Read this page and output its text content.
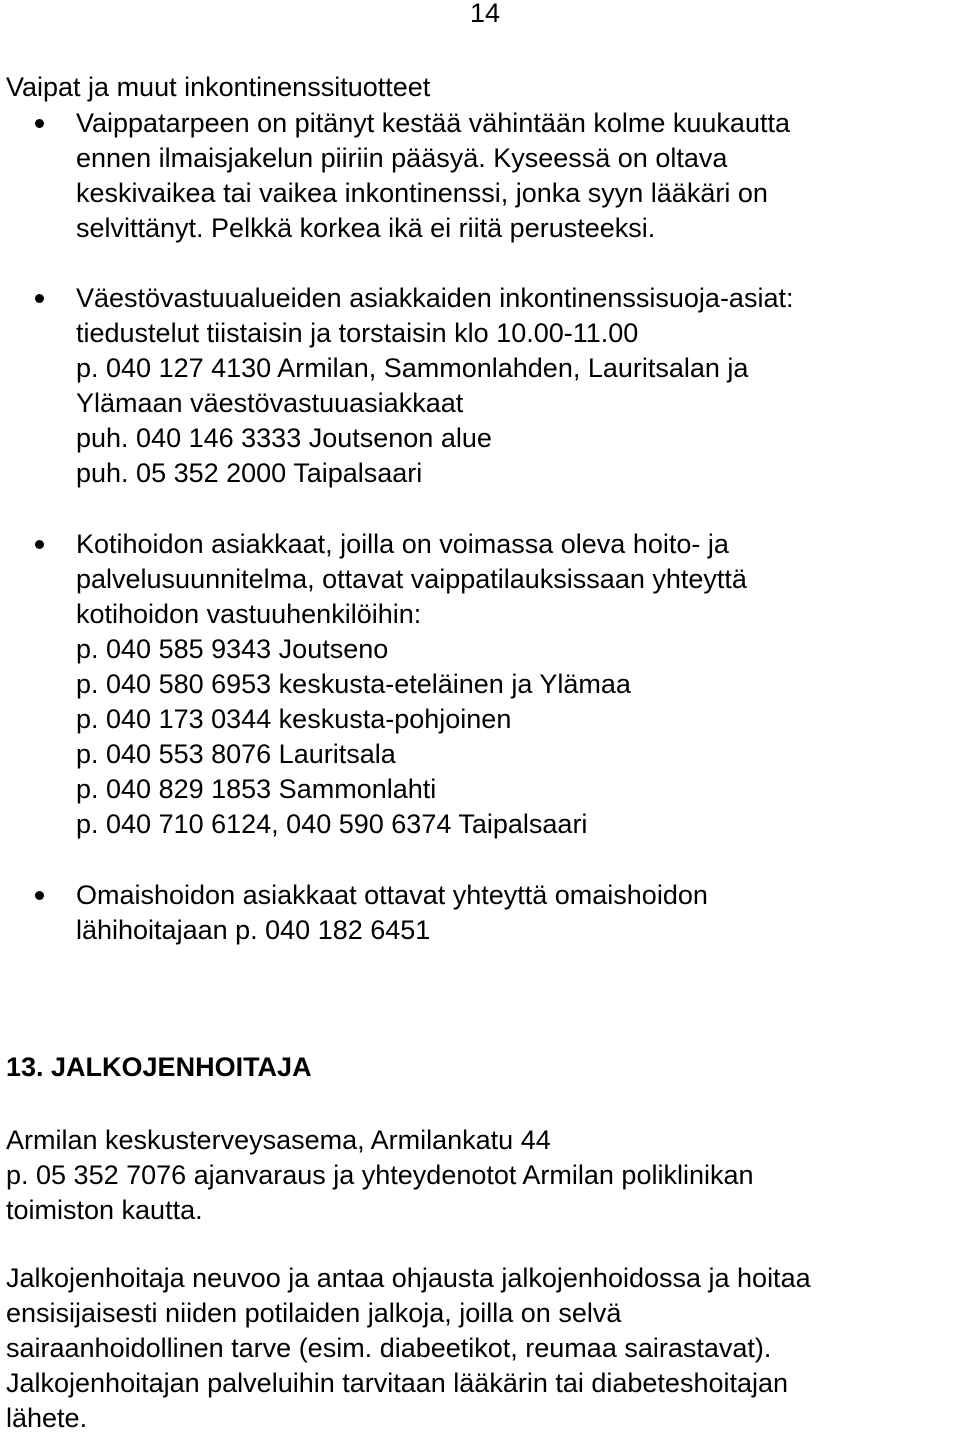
14
Vaipat ja muut inkontinenssituotteet
Vaippatarpeen on pitänyt kestää vähintään kolme kuukautta
ennen ilmaisjakelun piiriin pääsyä. Kyseessä on oltava
keskivaikea tai vaikea inkontinenssi, jonka syyn lääkäri on
selvittänyt. Pelkkä korkea ikä ei riitä perusteeksi.
Väestövastuualueiden asiakkaiden inkontinenssisuoja-asiat:
tiedustelut tiistaisin ja torstaisin klo 10.00-11.00
p. 040 127 4130 Armilan, Sammonlahden, Lauritsalan ja
Ylämaan väestövastuuasiakkaat
puh. 040 146 3333 Joutsenon alue
puh. 05 352 2000 Taipalsaari
Kotihoidon asiakkaat, joilla on voimassa oleva hoito- ja
palvelusuunnitelma, ottavat vaippatilauksissaan yhteyttä
kotihoidon vastuuhenkilöihin:
p. 040 585 9343 Joutseno
p. 040 580 6953 keskusta-eteläinen ja Ylämaa
p. 040 173 0344 keskusta-pohjoinen
p. 040 553 8076 Lauritsala
p. 040 829 1853 Sammonlahti
p. 040 710 6124, 040 590 6374 Taipalsaari
Omaishoidon asiakkaat ottavat yhteyttä omaishoidon
lähihoitajaan p. 040 182 6451
13. JALKOJENHOITAJA

Armilan keskusterveysasema, Armilankatu 44
p. 05 352 7076 ajanvaraus ja yhteydenotot Armilan poliklinikan
toimiston kautta.

Jalkojenhoitaja neuvoo ja antaa ohjausta jalkojenhoidossa ja hoitaa
ensisijaisesti niiden potilaiden jalkoja, joilla on selvä
sairaanhoidollinen tarve (esim. diabeetikot, reumaa sairastavat).
Jalkojenhoitajan palveluihin tarvitaan lääkärin tai diabeteshoitajan
lähete.
